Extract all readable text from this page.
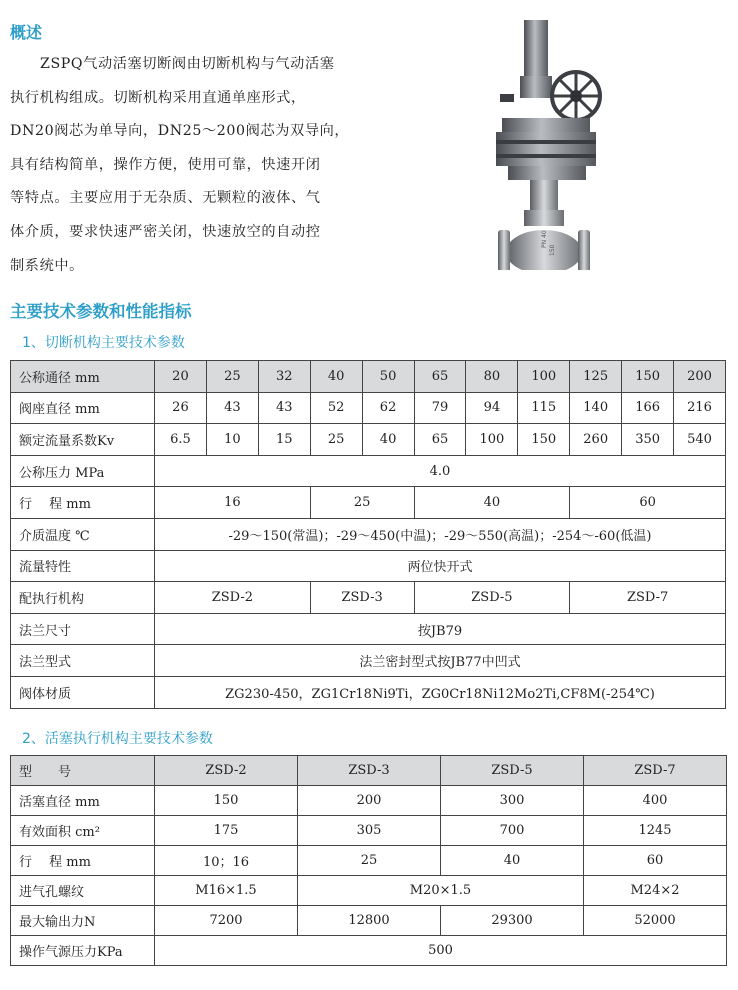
概述
ZSPQ气动活塞切断阀由切断机构与气动活塞
执行机构组成。切断机构采用直通单座形式，
DN20阀芯为单导向，DN25～200阀芯为双导向，
具有结构简单，操作方便，使用可靠，快速开闭
等特点。主要应用于无杂质、无颗粒的液体、气
体介质，要求快速严密关闭，快速放空的自动控
制系统中。
PN 40
150
主要技术参数和性能指标
1、切断机构主要技术参数
公称通径 mm	20	25	32	40	50	65	80	100	125	150	200
阀座直径 mm	26	43	43	52	62	79	94	115	140	166	216
额定流量系数Kv	6.5	10	15	25	40	65	100	150	260	350	540
公称压力 MPa	4.0										
行　 程 mm	16			25		40			60		
介质温度 ℃	-29～150(常温)；-29～450(中温)；-29～550(高温)；-254～-60(低温)										
流量特性	两位快开式										
配执行机构	ZSD-2			ZSD-3		ZSD-5			ZSD-7		
法兰尺寸	按JB79										
法兰型式	法兰密封型式按JB77中凹式										
阀体材质	ZG230-450，ZG1Cr18Ni9Ti，ZG0Cr18Ni12Mo2Ti,CF8M(-254℃)										
2、活塞执行机构主要技术参数
型　　号	ZSD-2	ZSD-3	ZSD-5	ZSD-7
活塞直径 mm	150	200	300	400
有效面积 cm²	175	305	700	1245
行　 程 mm	10；16	25	40	60
进气孔螺纹	M16×1.5	M20×1.5		M24×2
最大输出力N	7200	12800	29300	52000
操作气源压力KPa	500			
